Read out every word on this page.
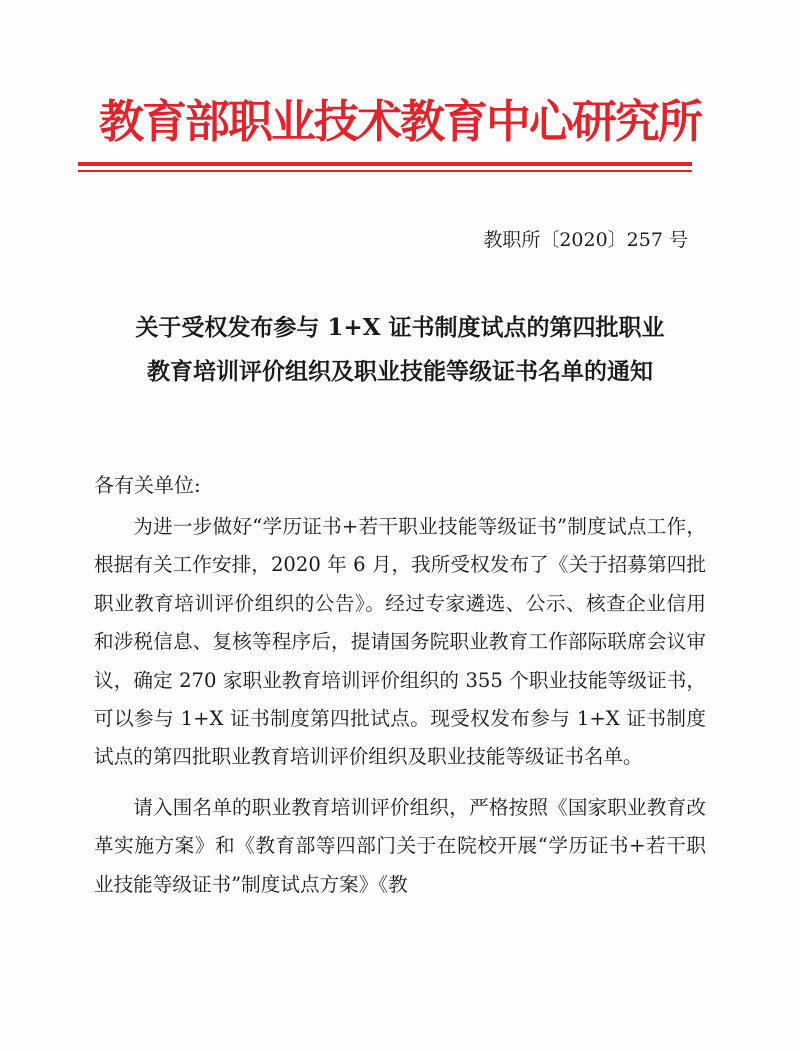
教育部职业技术教育中心研究所
教职所〔2020〕257 号
关于受权发布参与 1+X 证书制度试点的第四批职业
教育培训评价组织及职业技能等级证书名单的通知
各有关单位:

为进一步做好“学历证书+若干职业技能等级证书”制度试点工作，根据有关工作安排，2020 年 6 月，我所受权发布了《关于招募第四批职业教育培训评价组织的公告》。经过专家遴选、公示、核查企业信用和涉税信息、复核等程序后，提请国务院职业教育工作部际联席会议审议，确定 270 家职业教育培训评价组织的 355 个职业技能等级证书，可以参与 1+X 证书制度第四批试点。现受权发布参与 1+X 证书制度试点的第四批职业教育培训评价组织及职业技能等级证书名单。

请入围名单的职业教育培训评价组织，严格按照《国家职业教育改革实施方案》和《教育部等四部门关于在院校开展“学历证书+若干职业技能等级证书”制度试点方案》《教
